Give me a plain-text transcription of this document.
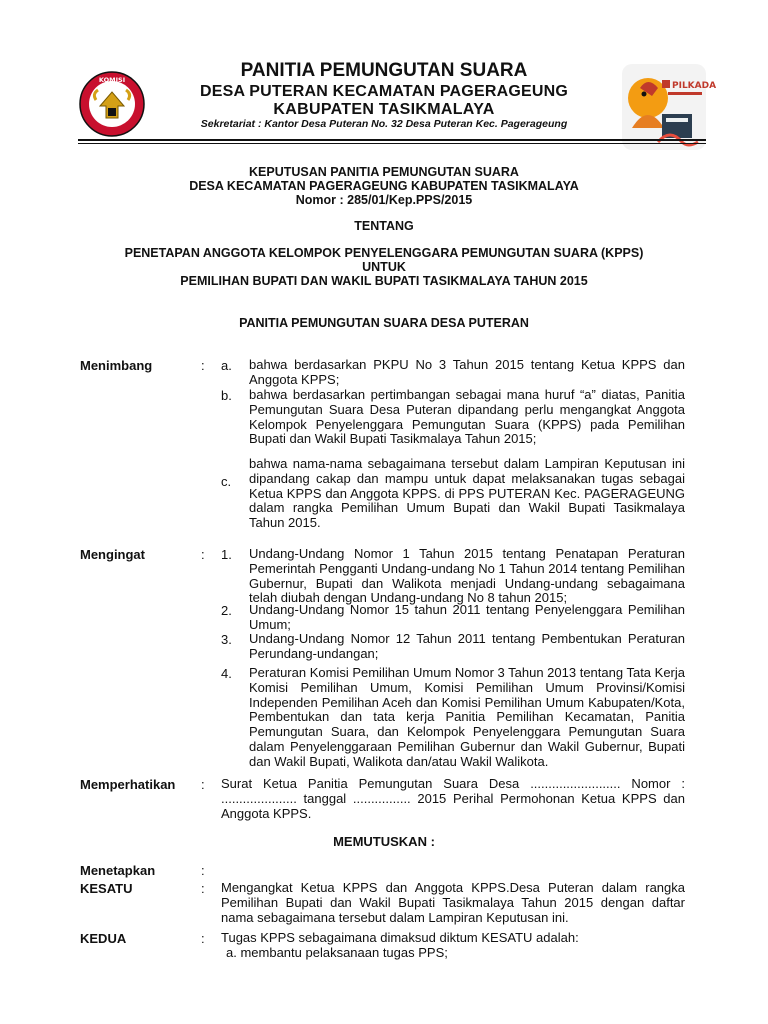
KOMISI
PILKADA
PANITIA PEMUNGUTAN SUARA
DESA PUTERAN KECAMATAN PAGERAGEUNG
KABUPATEN TASIKMALAYA
Sekretariat : Kantor Desa Puteran No. 32 Desa Puteran Kec. Pagerageung
KEPUTUSAN PANITIA PEMUNGUTAN SUARA
DESA KECAMATAN PAGERAGEUNG KABUPATEN TASIKMALAYA
Nomor : 285/01/Kep.PPS/2015
TENTANG
PENETAPAN ANGGOTA KELOMPOK PENYELENGGARA PEMUNGUTAN SUARA (KPPS)
UNTUK
PEMILIHAN BUPATI DAN WAKIL BUPATI TASIKMALAYA TAHUN 2015
PANITIA PEMUNGUTAN SUARA DESA PUTERAN
Menimbang	: a. bahwa berdasarkan PKPU No 3 Tahun 2015 tentang Ketua KPPS dan Anggota KPPS;
b. bahwa berdasarkan pertimbangan sebagai mana huruf “a” diatas, Panitia Pemungutan Suara Desa Puteran dipandang perlu mengangkat Anggota Kelompok Penyelenggara Pemungutan Suara (KPPS) pada Pemilihan Bupati dan Wakil Bupati Tasikmalaya Tahun 2015;
c.
bahwa nama-nama sebagaimana tersebut dalam Lampiran Keputusan ini dipandang cakap dan mampu untuk dapat melaksanakan tugas sebagai Ketua KPPS dan Anggota KPPS. di PPS PUTERAN Kec. PAGERAGEUNG dalam rangka Pemilihan Umum Bupati dan Wakil Bupati Tasikmalaya Tahun 2015.
Mengingat	: 1. Undang-Undang Nomor 1 Tahun 2015 tentang Penatapan Peraturan Pemerintah Pengganti Undang-undang No 1 Tahun 2014 tentang Pemilihan Gubernur, Bupati dan Walikota menjadi Undang-undang sebagaimana telah diubah dengan Undang-undang No 8 tahun 2015;
2. Undang-Undang Nomor 15 tahun 2011 tentang Penyelenggara Pemilihan Umum;
3. Undang-Undang Nomor 12 Tahun 2011 tentang Pembentukan Peraturan Perundang-undangan;
4. Peraturan Komisi Pemilihan Umum Nomor 3 Tahun 2013 tentang Tata Kerja Komisi Pemilihan Umum, Komisi Pemilihan Umum Provinsi/Komisi Independen Pemilihan Aceh dan Komisi Pemilihan Umum Kabupaten/Kota, Pembentukan dan tata kerja Panitia Pemilihan Kecamatan, Panitia Pemungutan Suara, dan Kelompok Penyelenggara Pemungutan Suara dalam Penyelenggaraan Pemilihan Gubernur dan Wakil Gubernur, Bupati dan Wakil Bupati, Walikota dan/atau Wakil Walikota.
Memperhatikan : Surat Ketua Panitia Pemungutan Suara Desa ......................... Nomor : ..................... tanggal ................ 2015 Perihal Permohonan Ketua KPPS dan Anggota KPPS.
MEMUTUSKAN :
Menetapkan	:
KESATU	: Mengangkat Ketua KPPS dan Anggota KPPS.Desa Puteran dalam rangka Pemilihan Bupati dan Wakil Bupati Tasikmalaya Tahun 2015 dengan daftar nama sebagaimana tersebut dalam Lampiran Keputusan ini.
KEDUA	: Tugas KPPS sebagaimana dimaksud diktum KESATU adalah:
a. membantu pelaksanaan tugas PPS;
